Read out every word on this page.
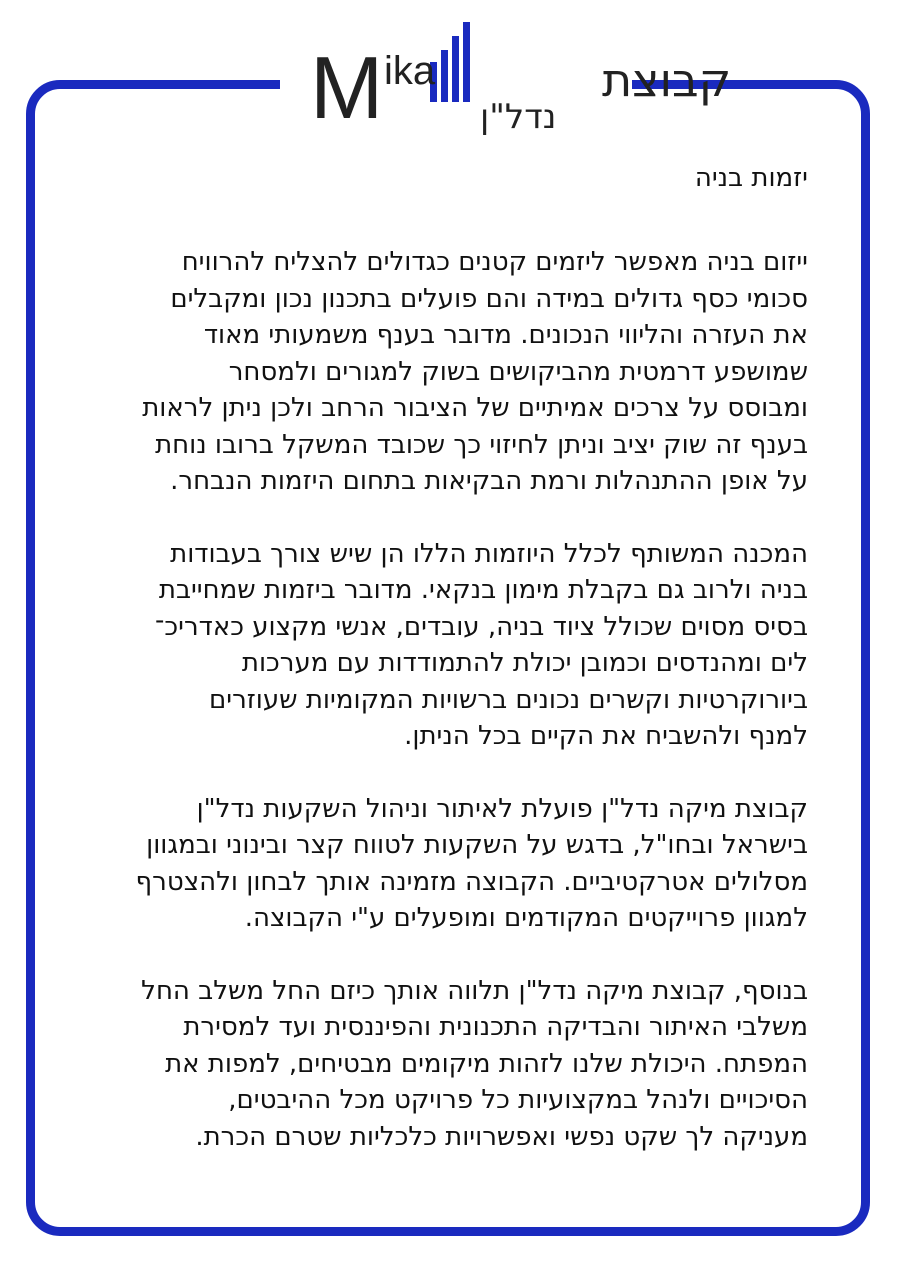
M ika	קבוצת
נדל"ן
יזמות בניה

ייזום בניה מאפשר ליזמים קטנים כגדולים להצליח להרוויח
סכומי כסף גדולים במידה והם פועלים בתכנון נכון ומקבלים
את העזרה והליווי הנכונים. מדובר בענף משמעותי מאוד
שמושפע דרמטית מהביקושים בשוק למגורים ולמסחר
ומבוסס על צרכים אמיתיים של הציבור הרחב ולכן ניתן לראות
בענף זה שוק יציב וניתן לחיזוי כך שכובד המשקל ברובו נוחת
על אופן ההתנהלות ורמת הבקיאות בתחום היזמות הנבחר.

המכנה המשותף לכלל היוזמות הללו הן שיש צורך בעבודות
בניה ולרוב גם בקבלת מימון בנקאי. מדובר ביזמות שמחייבת
בסיס מסוים שכולל ציוד בניה, עובדים, אנשי מקצוע כאדריכ־
לים ומהנדסים וכמובן יכולת להתמודדות עם מערכות
ביורוקרטיות וקשרים נכונים ברשויות המקומיות שעוזרים
למנף ולהשביח את הקיים בכל הניתן.

קבוצת מיקה נדל"ן פועלת לאיתור וניהול השקעות נדל"ן
בישראל ובחו"ל, בדגש על השקעות לטווח קצר ובינוני ובמגוון
מסלולים אטרקטיביים. הקבוצה מזמינה אותך לבחון ולהצטרף
למגוון פרוייקטים המקודמים ומופעלים ע"י הקבוצה.

בנוסף, קבוצת מיקה נדל"ן תלווה אותך כיזם החל משלב החל
משלבי האיתור והבדיקה התכנונית והפיננסית ועד למסירת
המפתח. היכולת שלנו לזהות מיקומים מבטיחים, למפות את
הסיכויים ולנהל במקצועיות כל פרויקט מכל ההיבטים,
מעניקה לך שקט נפשי ואפשרויות כלכליות שטרם הכרת.
